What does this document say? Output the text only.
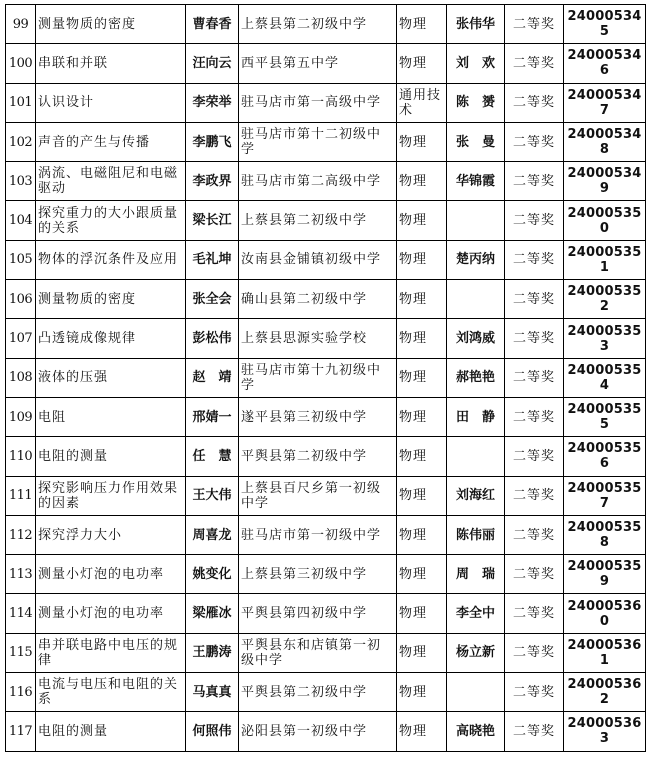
99	测量物质的密度	曹春香	上蔡县第二初级中学	物理	张伟华	二等奖	240005345
100	串联和并联	汪向云	西平县第五中学	物理	刘　欢	二等奖	240005346
101	认识设计	李荣举	驻马店市第一高级中学	通用技术	陈　赟	二等奖	240005347
102	声音的产生与传播	李鹏飞	驻马店市第十二初级中学	物理	张　曼	二等奖	240005348
103	涡流、电磁阻尼和电磁驱动	李政界	驻马店市第二高级中学	物理	华锦霞	二等奖	240005349
104	探究重力的大小跟质量的关系	梁长江	上蔡县第二初级中学	物理		二等奖	240005350
105	物体的浮沉条件及应用	毛礼坤	汝南县金铺镇初级中学	物理	楚丙纳	二等奖	240005351
106	测量物质的密度	张全会	确山县第二初级中学	物理		二等奖	240005352
107	凸透镜成像规律	彭松伟	上蔡县思源实验学校	物理	刘鸿威	二等奖	240005353
108	液体的压强	赵　靖	驻马店市第十九初级中学	物理	郝艳艳	二等奖	240005354
109	电阻	邢婧一	遂平县第三初级中学	物理	田　静	二等奖	240005355
110	电阻的测量	任　慧	平舆县第二初级中学	物理		二等奖	240005356
111	探究影响压力作用效果的因素	王大伟	上蔡县百尺乡第一初级中学	物理	刘海红	二等奖	240005357
112	探究浮力大小	周喜龙	驻马店市第一初级中学	物理	陈伟丽	二等奖	240005358
113	测量小灯泡的电功率	姚变化	上蔡县第三初级中学	物理	周　瑞	二等奖	240005359
114	测量小灯泡的电功率	梁雁冰	平舆县第四初级中学	物理	李全中	二等奖	240005360
115	串并联电路中电压的规律	王鹏涛	平舆县东和店镇第一初级中学	物理	杨立新	二等奖	240005361
116	电流与电压和电阻的关系	马真真	平舆县第二初级中学	物理		二等奖	240005362
117	电阻的测量	何照伟	泌阳县第一初级中学	物理	高晓艳	二等奖	240005363
